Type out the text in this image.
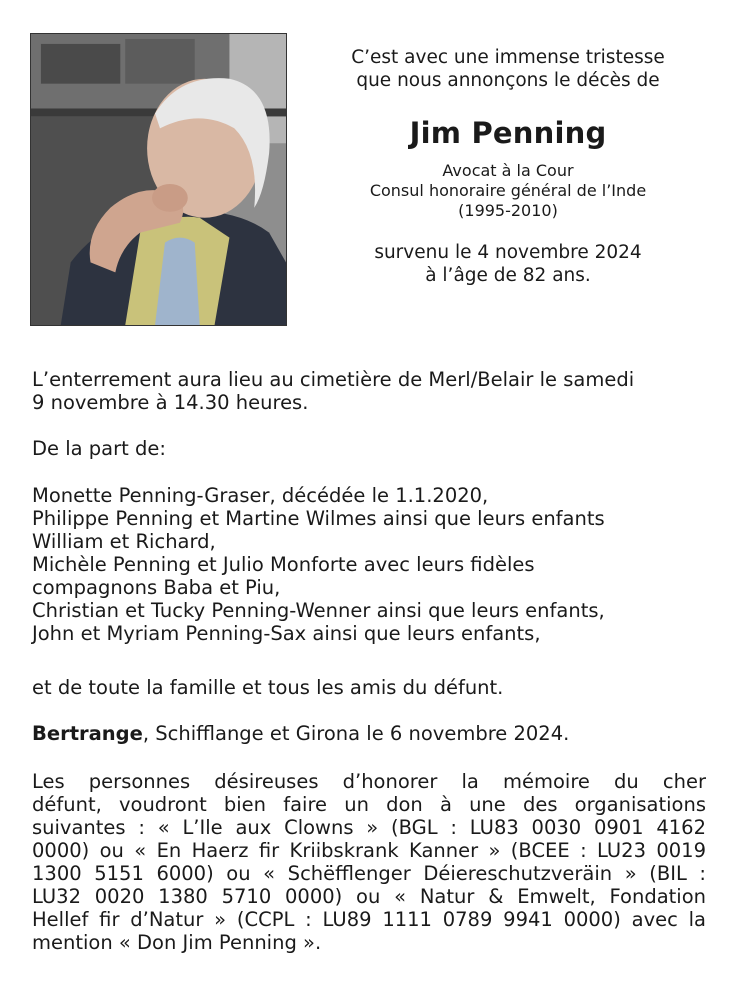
C’est avec une immense tristesse
que nous annonçons le décès de
Jim Penning
Avocat à la Cour
Consul honoraire général de l’Inde
(1995-2010)
survenu le 4 novembre 2024
à l’âge de 82 ans.
L’enterrement aura lieu au cimetière de Merl/Belair le samedi
9 novembre à 14.30 heures.
De la part de:
Monette Penning-Graser, décédée le 1.1.2020,
Philippe Penning et Martine Wilmes ainsi que leurs enfants
William et Richard,
Michèle Penning et Julio Monforte avec leurs fidèles
compagnons Baba et Piu,
Christian et Tucky Penning-Wenner ainsi que leurs enfants,
John et Myriam Penning-Sax ainsi que leurs enfants,
et de toute la famille et tous les amis du défunt.
Bertrange, Schifflange et Girona le 6 novembre 2024.
Les personnes désireuses d’honorer la mémoire du cher
défunt, voudront bien faire un don à une des organisations
suivantes : « L’Ile aux Clowns » (BGL : LU83 0030 0901 4162
0000) ou « En Haerz fir Kriibskrank Kanner » (BCEE : LU23 0019
1300 5151 6000) ou « Schëfflenger Déiereschutzveräin » (BIL :
LU32 0020 1380 5710 0000) ou « Natur & Emwelt, Fondation
Hellef fir d’Natur » (CCPL : LU89 1111 0789 9941 0000) avec la
mention « Don Jim Penning ».
